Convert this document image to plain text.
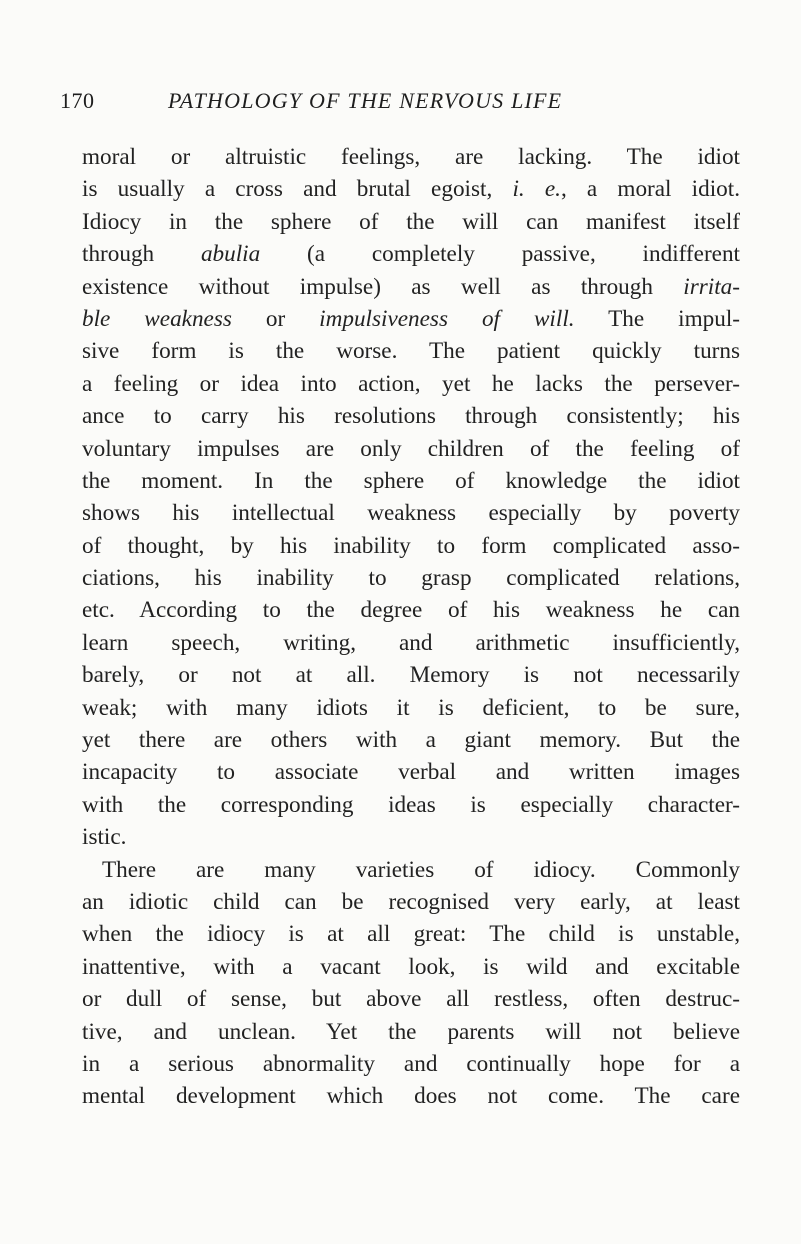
170	PATHOLOGY OF THE NERVOUS LIFE
moral or altruistic feelings, are lacking. The idiot
is usually a cross and brutal egoist, i. e., a moral idiot.
Idiocy in the sphere of the will can manifest itself
through abulia (a completely passive, indifferent
existence without impulse) as well as through irrita-
ble weakness or impulsiveness of will. The impul-
sive form is the worse. The patient quickly turns
a feeling or idea into action, yet he lacks the persever-
ance to carry his resolutions through consistently; his
voluntary impulses are only children of the feeling of
the moment. In the sphere of knowledge the idiot
shows his intellectual weakness especially by poverty
of thought, by his inability to form complicated asso-
ciations, his inability to grasp complicated relations,
etc. According to the degree of his weakness he can
learn speech, writing, and arithmetic insufficiently,
barely, or not at all. Memory is not necessarily
weak; with many idiots it is deficient, to be sure,
yet there are others with a giant memory. But the
incapacity to associate verbal and written images
with the corresponding ideas is especially character-
istic.
There are many varieties of idiocy. Commonly
an idiotic child can be recognised very early, at least
when the idiocy is at all great: The child is unstable,
inattentive, with a vacant look, is wild and excitable
or dull of sense, but above all restless, often destruc-
tive, and unclean. Yet the parents will not believe
in a serious abnormality and continually hope for a
mental development which does not come. The care
